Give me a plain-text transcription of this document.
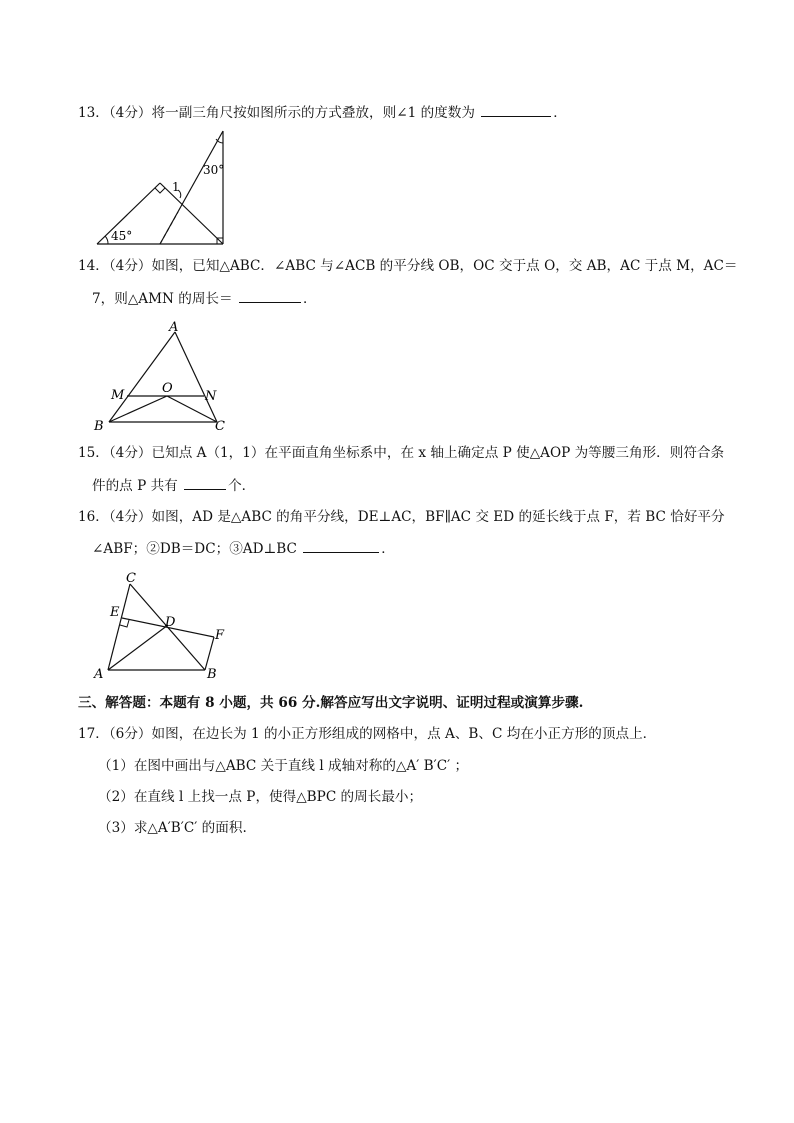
13．（4分）将一副三角尺按如图所示的方式叠放，则∠1 的度数为	．
30°
1
45°
14．（4分）如图，已知△ABC．∠ABC 与∠ACB 的平分线 OB，OC 交于点 O，交 AB，AC 于点 M，AC＝
7，则△AMN 的周长＝	．
A
B	C
M	O
N
15．（4分）已知点 A（1，1）在平面直角坐标系中，在 x 轴上确定点 P 使△AOP 为等腰三角形．则符合条
件的点 P 共有	个．
16．（4分）如图，AD 是△ABC 的角平分线，DE⊥AC，BF∥AC 交 ED 的延长线于点 F，若 BC 恰好平分
∠ABF；②DB＝DC；③AD⊥BC	．
C
E
D
F
A	B
三、解答题：本题有 8 小题，共 66 分.解答应写出文字说明、证明过程或演算步骤.
17．（6分）如图，在边长为 1 的小正方形组成的网格中，点 A、B、C 均在小正方形的顶点上．
（1）在图中画出与△ABC 关于直线 l 成轴对称的△A′ B′C′ ；
（2）在直线 l 上找一点 P，使得△BPC 的周长最小；
（3）求△A′B′C′ 的面积.
